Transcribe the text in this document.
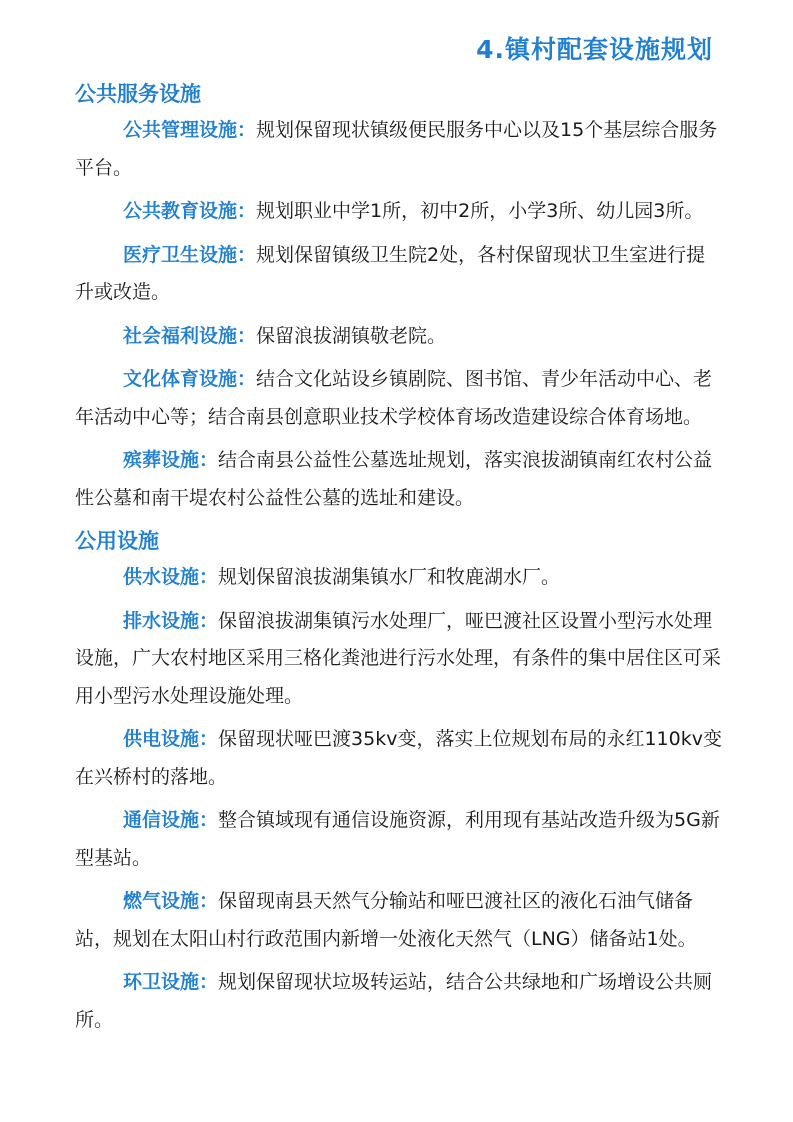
4.镇村配套设施规划
公共服务设施

公共管理设施：规划保留现状镇级便民服务中心以及15个基层综合服务平台。

公共教育设施：规划职业中学1所，初中2所，小学3所、幼儿园3所。

医疗卫生设施：规划保留镇级卫生院2处，各村保留现状卫生室进行提升或改造。

社会福利设施：保留浪拔湖镇敬老院。

文化体育设施：结合文化站设乡镇剧院、图书馆、青少年活动中心、老年活动中心等；结合南县创意职业技术学校体育场改造建设综合体育场地。

殡葬设施：结合南县公益性公墓选址规划，落实浪拔湖镇南红农村公益性公墓和南干堤农村公益性公墓的选址和建设。

公用设施

供水设施：规划保留浪拔湖集镇水厂和牧鹿湖水厂。

排水设施：保留浪拔湖集镇污水处理厂，哑巴渡社区设置小型污水处理设施，广大农村地区采用三格化粪池进行污水处理，有条件的集中居住区可采用小型污水处理设施处理。

供电设施：保留现状哑巴渡35kv变，落实上位规划布局的永红110kv变在兴桥村的落地。

通信设施：整合镇域现有通信设施资源，利用现有基站改造升级为5G新型基站。

燃气设施：保留现南县天然气分输站和哑巴渡社区的液化石油气储备站，规划在太阳山村行政范围内新增一处液化天然气（LNG）储备站1处。

环卫设施：规划保留现状垃圾转运站，结合公共绿地和广场增设公共厕所。
